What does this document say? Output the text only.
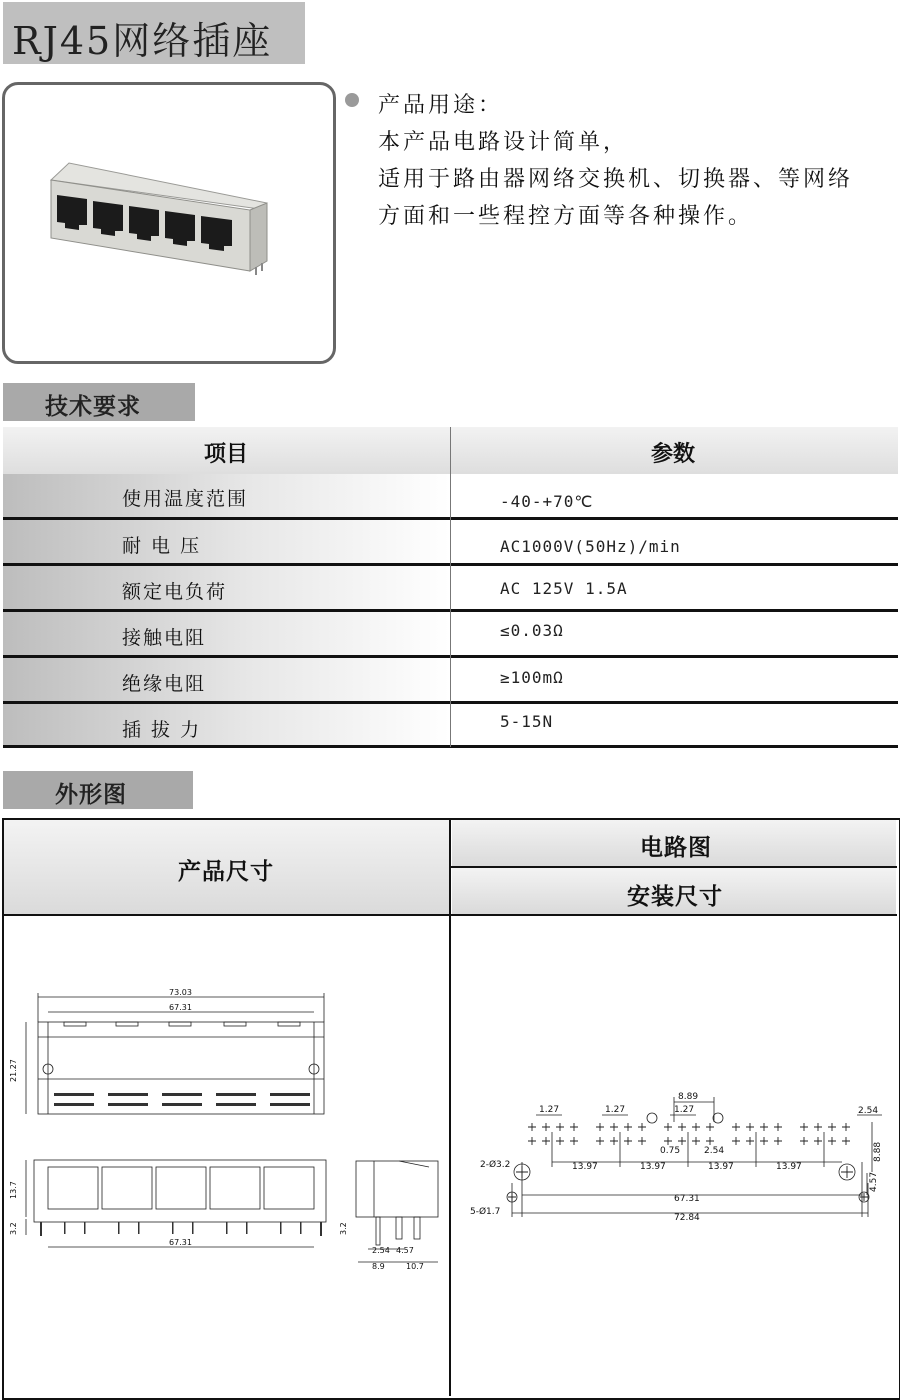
RJ45网络插座
产品用途：
本产品电路设计简单，
适用于路由器网络交换机、切换器、等网络
方面和一些程控方面等各种操作。
技术要求
项目	参数
使用温度范围	-40-+70℃
耐 电 压	AC1000V(50Hz)/min
额定电负荷	AC 125V 1.5A
接触电阻	≤0.03Ω
绝缘电阻	≥100mΩ
插 拔 力	5-15N
外形图
产品尺寸
电路图
安装尺寸
73.03
67.31
21.27
13.7
3.2
67.31
3.2
2.54 4.57
8.9	10.7
8.89
1.27	1.27	1.27	2.54
0.75	2.54
13.97	13.97	13.97	13.97
67.31
72.84
8.88
4.57
2-Ø3.2
5-Ø1.7
